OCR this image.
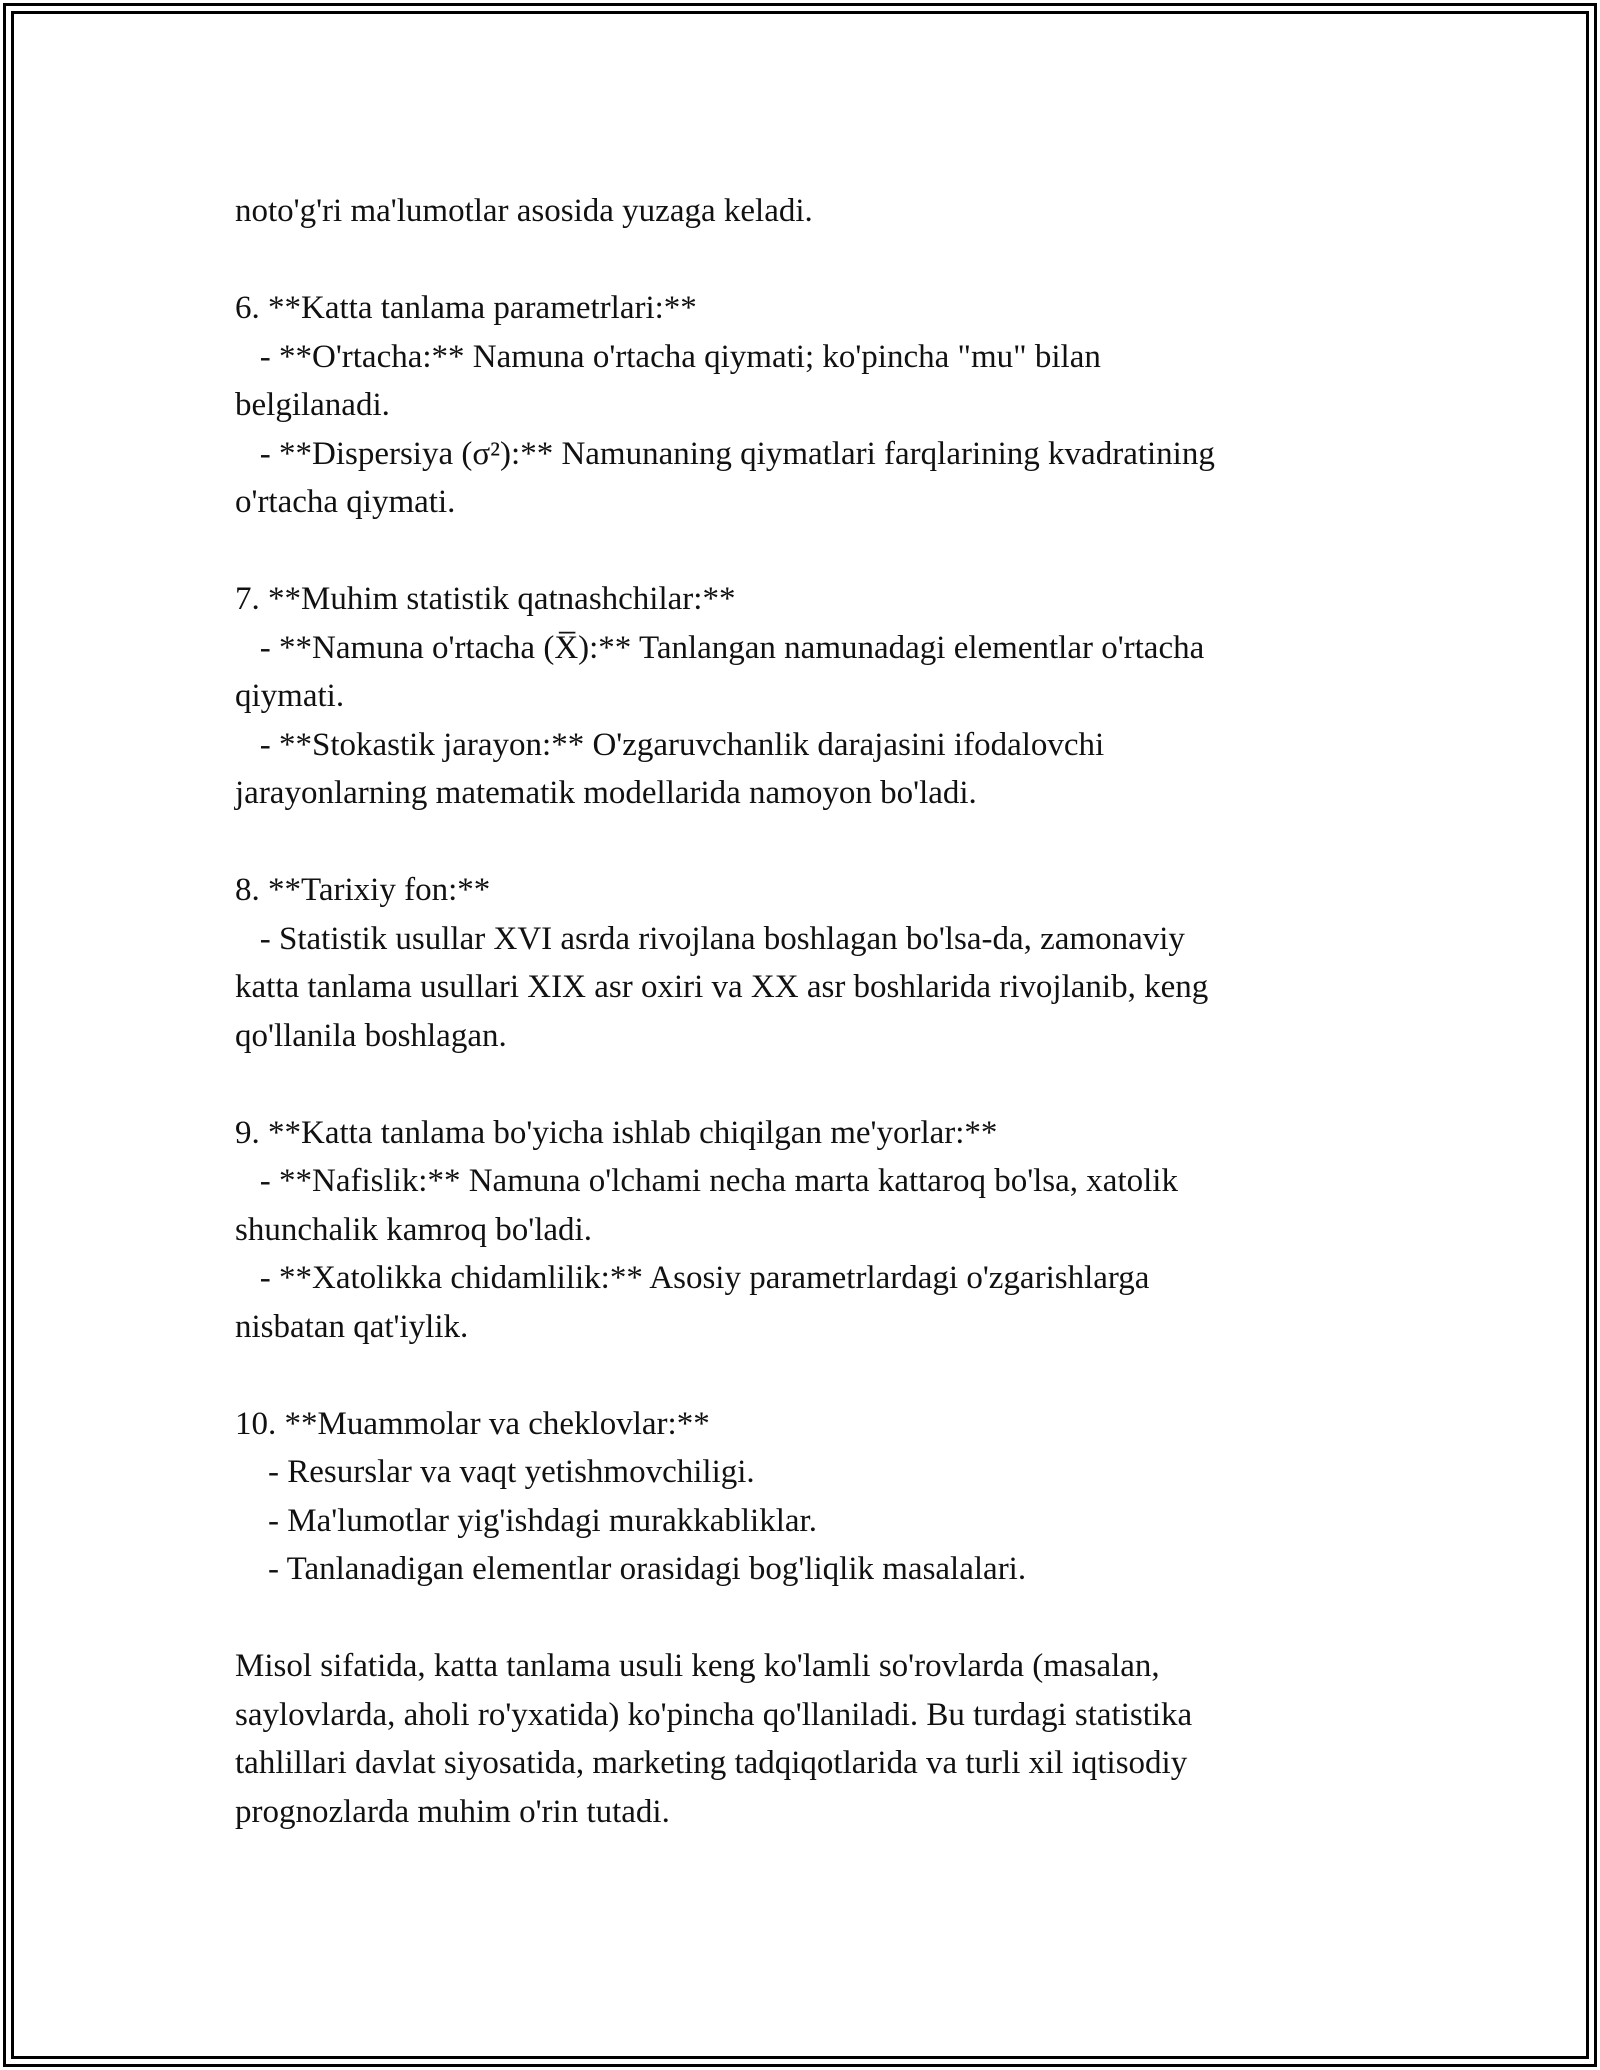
noto'g'ri ma'lumotlar asosida yuzaga keladi.
6. **Katta tanlama parametrlari:**
- **O'rtacha:** Namuna o'rtacha qiymati; ko'pincha "mu" bilan
belgilanadi.
- **Dispersiya (σ²):** Namunaning qiymatlari farqlarining kvadratining
o'rtacha qiymati.
7. **Muhim statistik qatnashchilar:**
- **Namuna o'rtacha (X̅):** Tanlangan namunadagi elementlar o'rtacha
qiymati.
- **Stokastik jarayon:** O'zgaruvchanlik darajasini ifodalovchi
jarayonlarning matematik modellarida namoyon bo'ladi.
8. **Tarixiy fon:**
- Statistik usullar XVI asrda rivojlana boshlagan bo'lsa-da, zamonaviy
katta tanlama usullari XIX asr oxiri va XX asr boshlarida rivojlanib, keng
qo'llanila boshlagan.
9. **Katta tanlama bo'yicha ishlab chiqilgan me'yorlar:**
- **Nafislik:** Namuna o'lchami necha marta kattaroq bo'lsa, xatolik
shunchalik kamroq bo'ladi.
- **Xatolikka chidamlilik:** Asosiy parametrlardagi o'zgarishlarga
nisbatan qat'iylik.
10. **Muammolar va cheklovlar:**
- Resurslar va vaqt yetishmovchiligi.
- Ma'lumotlar yig'ishdagi murakkabliklar.
- Tanlanadigan elementlar orasidagi bog'liqlik masalalari.
Misol sifatida, katta tanlama usuli keng ko'lamli so'rovlarda (masalan,
saylovlarda, aholi ro'yxatida) ko'pincha qo'llaniladi. Bu turdagi statistika
tahlillari davlat siyosatida, marketing tadqiqotlarida va turli xil iqtisodiy
prognozlarda muhim o'rin tutadi.
